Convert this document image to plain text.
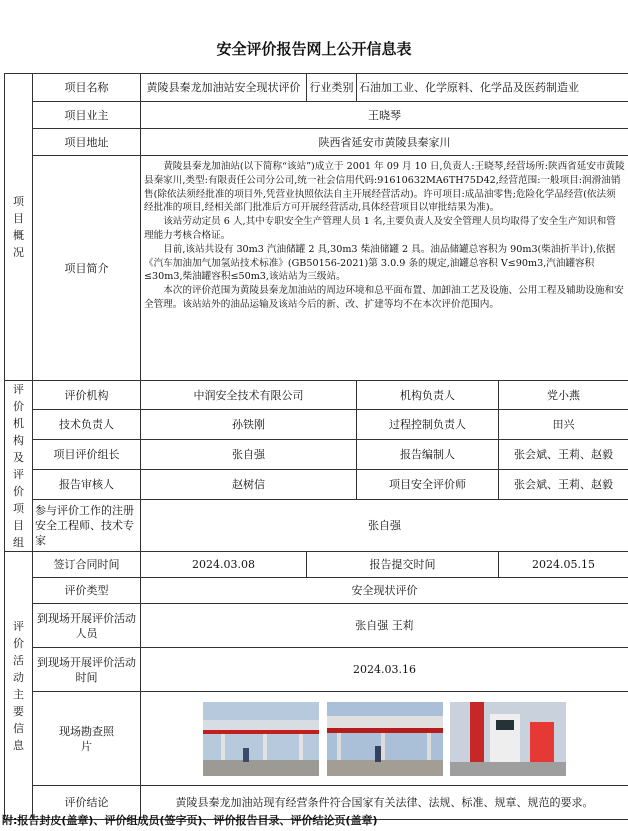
安全评价报告网上公开信息表
项目概况	项目名称	黄陵县秦龙加油站安全现状评价	行业类别	石油加工业、化学原料、化学品及医药制造业	
	项目业主	王晓琴			
	项目地址	陕西省延安市黄陵县秦家川			
	项目简介	黄陵县秦龙加油站(以下简称“该站”)成立于 2001 年 09 月 10 日,负责人:王晓琴,经营场所:陕西省延安市黄陵县秦家川,类型:有限责任公司分公司,统一社会信用代码:91610632MA6TH75D42,经营范围:一般项目:润滑油销售(除依法须经批准的项目外,凭营业执照依法自主开展经营活动)。许可项目:成品油零售;危险化学品经营(依法须经批准的项目,经相关部门批准后方可开展经营活动,具体经营项目以审批结果为准)。

该站劳动定员 6 人,其中专职安全生产管理人员 1 名,主要负责人及安全管理人员均取得了安全生产知识和管理能力考核合格证。

目前,该站共设有 30m3 汽油储罐 2 具,30m3 柴油储罐 2 具。油品储罐总容积为 90m3(柴油折半计),依据《汽车加油加气加氢站技术标准》(GB50156-2021)第 3.0.9 条的规定,油罐总容积 V≤90m3,汽油罐容积≤30m3,柴油罐容积≤50m3,该站站为三级站。

本次的评价范围为黄陵县秦龙加油站的周边环境和总平面布置、加卸油工艺及设施、公用工程及辅助设施和安全管理。该站站外的油品运输及该站今后的新、改、扩建等均不在本次评价范围内。			

评价机构及评价项目组	评价机构	中润安全技术有限公司		机构负责人	党小燕
	技术负责人	孙铁刚		过程控制负责人	田兴
	项目评价组长	张自强		报告编制人	张会斌、王莉、赵毅
	报告审核人	赵树信		项目安全评价师	张会斌、王莉、赵毅
	参与评价工作的注册安全工程师、技术专家	张自强			
评价活动主要信息	签订合同时间	2024.03.08	报告提交时间		2024.05.15
	评价类型	安全现状评价			
	到现场开展评价活动人员	张自强 王莉			
	到现场开展评价活动时间	2024.03.16			
	现场勘查照片	
	评价结论	黄陵县秦龙加油站现有经营条件符合国家有关法律、法规、标准、规章、规范的要求。			
附:报告封皮(盖章)、评价组成员(签字页)、评价报告目录、评价结论页(盖章)
